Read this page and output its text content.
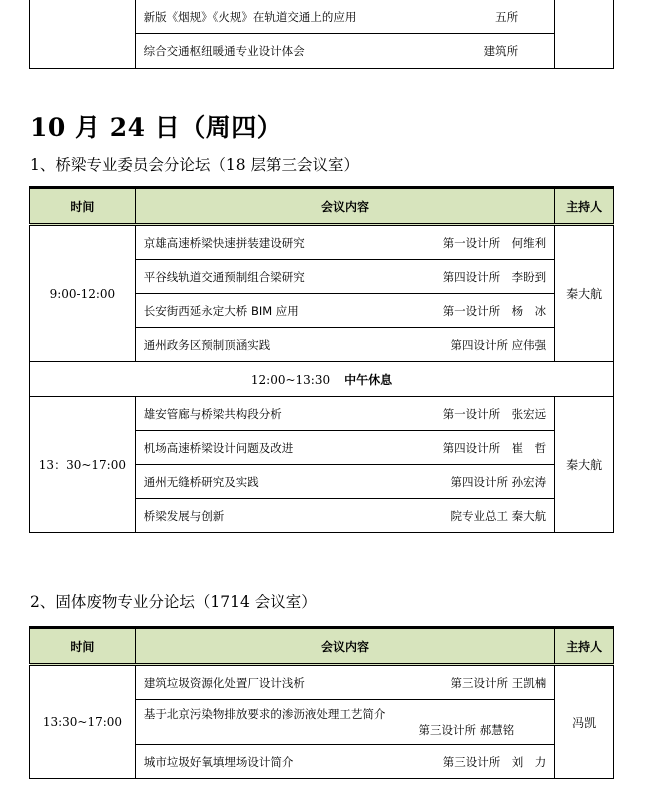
新版《烟规》《火规》在轨道交通上的应用	五所

综合交通枢纽暖通专业设计体会	建筑所
10 月 24 日（周四）
1、桥梁专业委员会分论坛（18 层第三会议室）
时间	会议内容	主持人
9:00-12:00	京雄高速桥梁快速拼装建设研究 第一设计所　何维利	秦大航

	平谷线轨道交通预制组合梁研究 第四设计所　李盼到	

	长安街西延永定大桥 BIM 应用 第一设计所　杨　冰	

	通州政务区预制顶涵实践 第四设计所 应伟强	

12:00~13:30 中午休息		
13：30~17:00	雄安管廊与桥梁共构段分析 第一设计所　张宏远	秦大航

	机场高速桥梁设计问题及改进 第四设计所　崔　哲	

	通州无缝桥研究及实践 第四设计所 孙宏涛	

	桥梁发展与创新 院专业总工 秦大航	
2、固体废物专业分论坛（1714 会议室）
时间	会议内容	主持人
13:30~17:00	建筑垃圾资源化处置厂设计浅析 第三设计所 王凯楠	冯凯

	基于北京污染物排放要求的渗沥液处理工艺简介
第三设计所 郝慧铭	

	城市垃圾好氧填埋场设计简介 第三设计所　刘　力	
